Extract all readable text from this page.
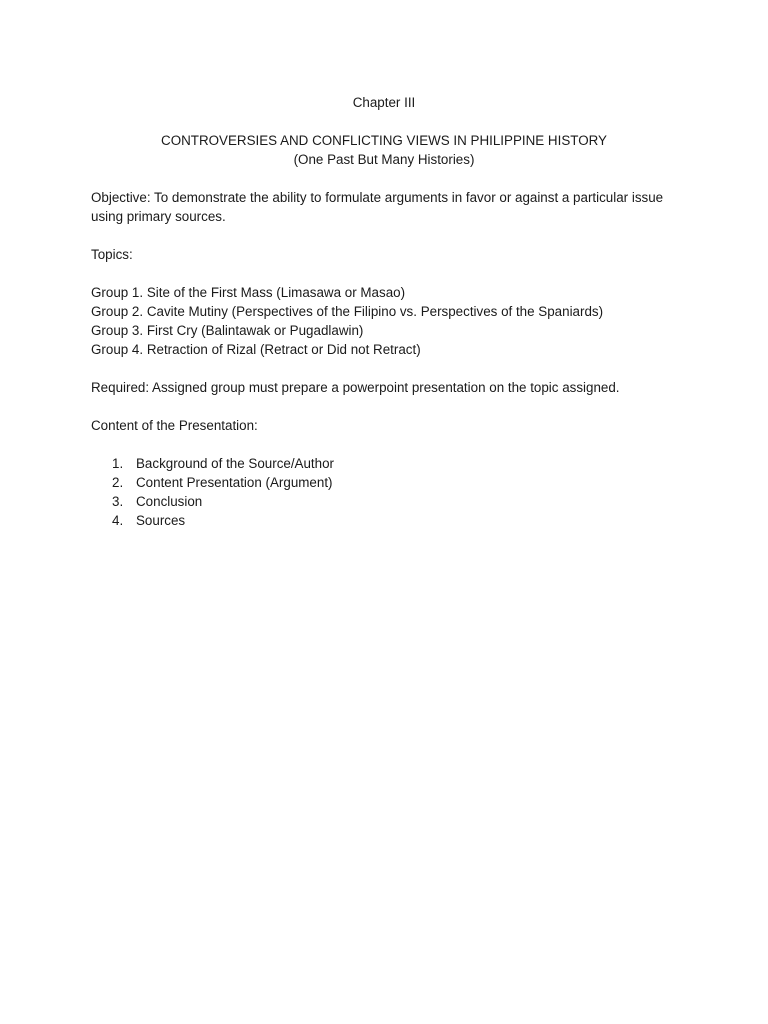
Chapter III

CONTROVERSIES AND CONFLICTING VIEWS IN PHILIPPINE HISTORY

(One Past But Many Histories)

Objective: To demonstrate the ability to formulate arguments in favor or against a particular issue using primary sources.

Topics:

Group 1. Site of the First Mass (Limasawa or Masao)

Group 2. Cavite Mutiny (Perspectives of the Filipino vs. Perspectives of the Spaniards)

Group 3. First Cry (Balintawak or Pugadlawin)

Group 4. Retraction of Rizal (Retract or Did not Retract)

Required: Assigned group must prepare a powerpoint presentation on the topic assigned.

Content of the Presentation:

1. Background of the Source/Author
2. Content Presentation (Argument)
3. Conclusion
4. Sources
